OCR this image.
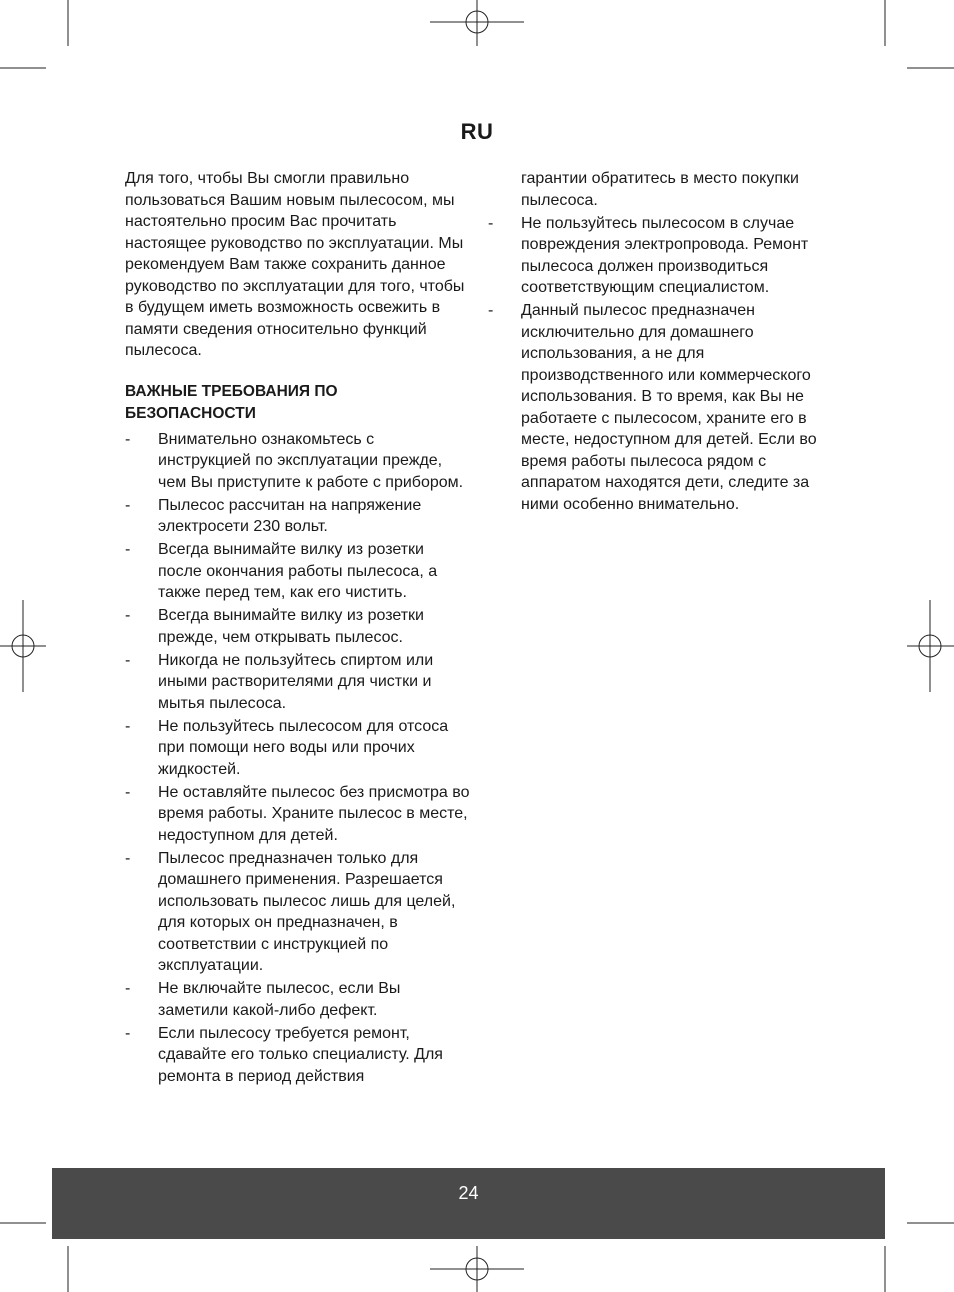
RU

Для того, чтобы Вы смогли правильно пользоваться Вашим новым пылесосом, мы настоятельно просим Вас прочитать настоящее руководство по эксплуатации. Мы рекомендуем Вам также сохранить данное руководство по эксплуатации для того, чтобы в будущем иметь возможность освежить в памяти сведения относительно функций пылесоса.

ВАЖНЫЕ ТРЕБОВАНИЯ ПО БЕЗОПАСНОСТИ
-	Внимательно ознакомьтесь с инструкцией по эксплуатации прежде, чем Вы приступите к работе с прибором.
-	Пылесос рассчитан на напряжение электросети 230 вольт.
-	Всегда вынимайте вилку из розетки после окончания работы пылесоса, а также перед тем, как его чистить.
-	Всегда вынимайте вилку из розетки прежде, чем открывать пылесос.
-	Никогда не пользуйтесь спиртом или иными растворителями для чистки и мытья пылесоса.
-	Не пользуйтесь пылесосом для отсоса при помощи него воды или прочих жидкостей.
-	Не оставляйте пылесос без присмотра во время работы. Храните пылесос в месте, недоступном для детей.
-	Пылесос предназначен только для домашнего применения. Разрешается использовать пылесос лишь для целей, для которых он предназначен, в соответствии с инструкцией по эксплуатации.
-	Не включайте пылесос, если Вы заметили какой-либо дефект.
-	Если пылесосу требуется ремонт, сдавайте его только специалисту. Для ремонта в период действия
гарантии обратитесь в место покупки пылесоса.
-	Не пользуйтесь пылесосом в случае повреждения электропровода. Ремонт пылесоса должен производиться соответствующим специалистом.
-	Данный пылесос предназначен исключительно для домашнего использования, а не для производственного или коммерческого использования. В то время, как Вы не работаете с пылесосом, храните его в месте, недоступном для детей. Если во время работы пылесоса рядом с аппаратом находятся дети, следите за ними особенно внимательно.
24
